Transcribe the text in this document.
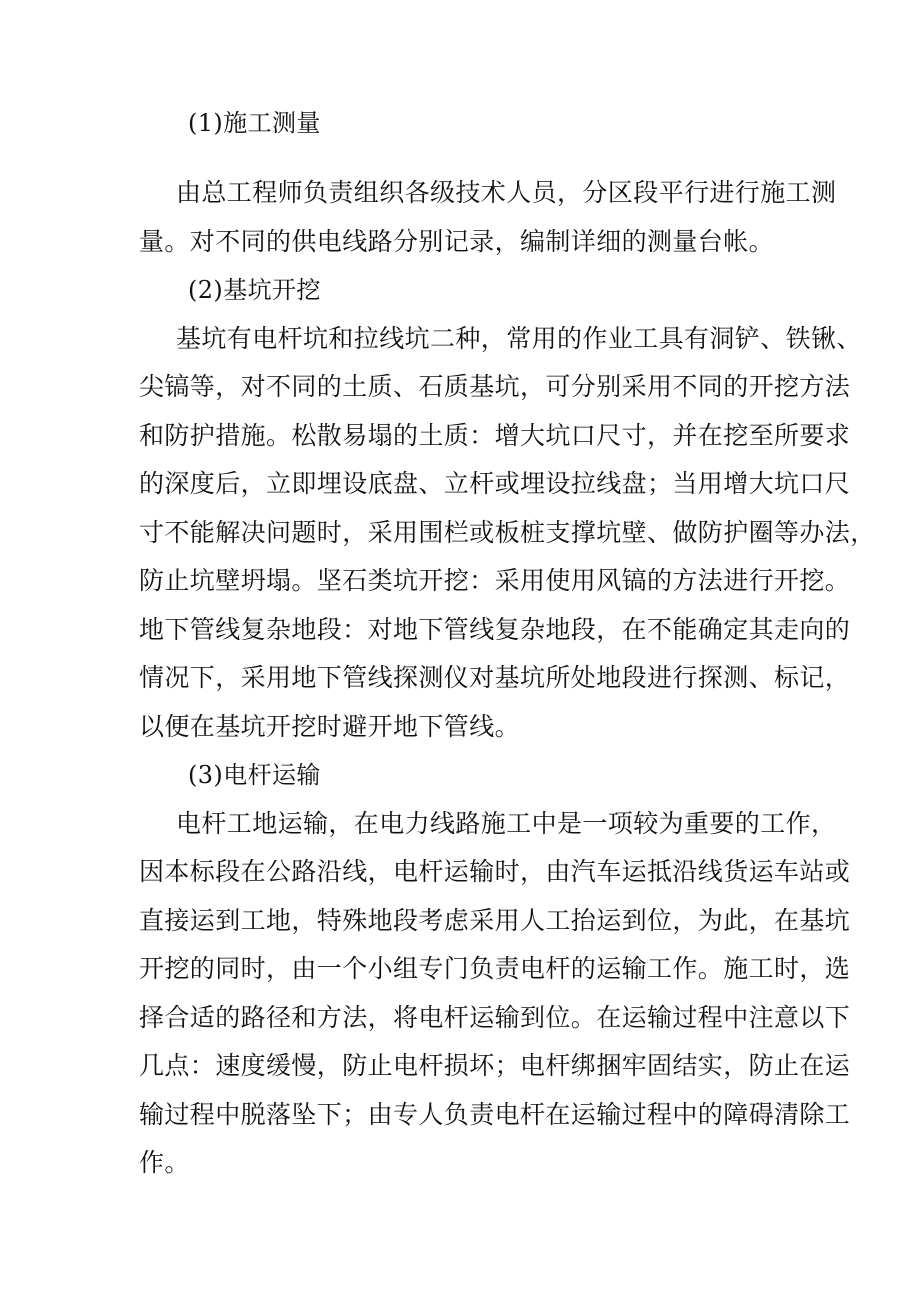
(1)施工测量
由总工程师负责组织各级技术人员，分区段平行进行施工测
量。对不同的供电线路分别记录，编制详细的测量台帐。
(2)基坑开挖
基坑有电杆坑和拉线坑二种，常用的作业工具有洞铲、铁锹、
尖镐等，对不同的土质、石质基坑，可分别采用不同的开挖方法
和防护措施。松散易塌的土质：增大坑口尺寸，并在挖至所要求
的深度后，立即埋设底盘、立杆或埋设拉线盘；当用增大坑口尺
寸不能解决问题时，采用围栏或板桩支撑坑壁、做防护圈等办法，
防止坑壁坍塌。坚石类坑开挖：采用使用风镐的方法进行开挖。
地下管线复杂地段：对地下管线复杂地段，在不能确定其走向的
情况下，采用地下管线探测仪对基坑所处地段进行探测、标记，
以便在基坑开挖时避开地下管线。
(3)电杆运输
电杆工地运输，在电力线路施工中是一项较为重要的工作，
因本标段在公路沿线，电杆运输时，由汽车运抵沿线货运车站或
直接运到工地，特殊地段考虑采用人工抬运到位，为此，在基坑
开挖的同时，由一个小组专门负责电杆的运输工作。施工时，选
择合适的路径和方法，将电杆运输到位。在运输过程中注意以下
几点：速度缓慢，防止电杆损坏；电杆绑捆牢固结实，防止在运
输过程中脱落坠下；由专人负责电杆在运输过程中的障碍清除工
作。
